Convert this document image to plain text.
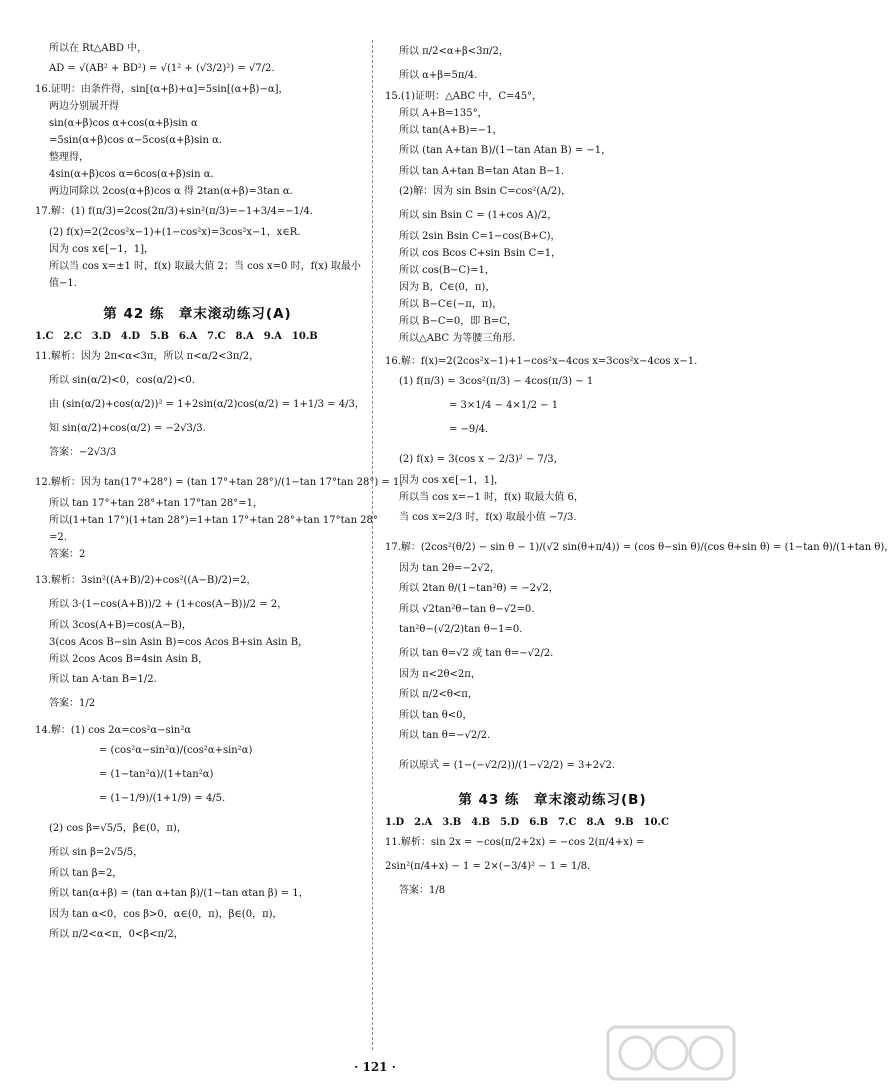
所以在 Rt△ABD 中，
AD = √(AB² + BD²) = √(1² + (√3/2)²) = √7/2.
16.证明：由条件得，sin[(α+β)+α]=5sin[(α+β)−α]，
两边分别展开得
sin(α+β)cos α+cos(α+β)sin α
=5sin(α+β)cos α−5cos(α+β)sin α.
整理得，
4sin(α+β)cos α=6cos(α+β)sin α.
两边同除以 2cos(α+β)cos α 得 2tan(α+β)=3tan α.
17.解：(1) f(π/3)=2cos(2π/3)+sin²(π/3)=−1+3/4=−1/4.
(2) f(x)=2(2cos²x−1)+(1−cos²x)=3cos²x−1，x∈R.
因为 cos x∈[−1，1]，
所以当 cos x=±1 时，f(x) 取最大值 2；当 cos x=0 时，f(x) 取最小
值−1.
第 42 练　章末滚动练习(A)
1.C　2.C　3.D　4.D　5.B　6.A　7.C　8.A　9.A　10.B
11.解析：因为 2π<α<3π，所以 π<α/2<3π/2，
所以 sin(α/2)<0，cos(α/2)<0.
由 (sin(α/2)+cos(α/2))² = 1+2sin(α/2)cos(α/2) = 1+1/3 = 4/3，
知 sin(α/2)+cos(α/2) = −2√3/3.
答案：−2√3/3
12.解析：因为 tan(17°+28°) = (tan 17°+tan 28°)/(1−tan 17°tan 28°) = 1，
所以 tan 17°+tan 28°+tan 17°tan 28°=1，
所以(1+tan 17°)(1+tan 28°)=1+tan 17°+tan 28°+tan 17°tan 28°
=2.
答案：2
13.解析：3sin²((A+B)/2)+cos²((A−B)/2)=2，
所以 3·(1−cos(A+B))/2 + (1+cos(A−B))/2 = 2，
所以 3cos(A+B)=cos(A−B)，
3(cos Acos B−sin Asin B)=cos Acos B+sin Asin B，
所以 2cos Acos B=4sin Asin B，
所以 tan A·tan B=1/2.
答案：1/2
14.解：(1) cos 2α=cos²α−sin²α
= (cos²α−sin²α)/(cos²α+sin²α)
= (1−tan²α)/(1+tan²α)
= (1−1/9)/(1+1/9) = 4/5.
(2) cos β=√5/5，β∈(0，π)，
所以 sin β=2√5/5，
所以 tan β=2，
所以 tan(α+β) = (tan α+tan β)/(1−tan αtan β) = 1，
因为 tan α<0，cos β>0，α∈(0，π)，β∈(0，π)，
所以 π/2<α<π，0<β<π/2，
所以 π/2<α+β<3π/2，
所以 α+β=5π/4.
15.(1)证明：△ABC 中，C=45°，
所以 A+B=135°，
所以 tan(A+B)=−1，
所以 (tan A+tan B)/(1−tan Atan B) = −1，
所以 tan A+tan B=tan Atan B−1.
(2)解：因为 sin Bsin C=cos²(A/2)，
所以 sin Bsin C = (1+cos A)/2，
所以 2sin Bsin C=1−cos(B+C)，
所以 cos Bcos C+sin Bsin C=1，
所以 cos(B−C)=1，
因为 B，C∈(0，π)，
所以 B−C∈(−π，π)，
所以 B−C=0，即 B=C，
所以△ABC 为等腰三角形.
16.解：f(x)=2(2cos²x−1)+1−cos²x−4cos x=3cos²x−4cos x−1.
(1) f(π/3) = 3cos²(π/3) − 4cos(π/3) − 1
= 3×1/4 − 4×1/2 − 1
= −9/4.
(2) f(x) = 3(cos x − 2/3)² − 7/3，
因为 cos x∈[−1，1]，
所以当 cos x=−1 时，f(x) 取最大值 6，
当 cos x=2/3 时，f(x) 取最小值 −7/3.
17.解：(2cos²(θ/2) − sin θ − 1)/(√2 sin(θ+π/4)) = (cos θ−sin θ)/(cos θ+sin θ) = (1−tan θ)/(1+tan θ)，
因为 tan 2θ=−2√2，
所以 2tan θ/(1−tan²θ) = −2√2，
所以 √2tan²θ−tan θ−√2=0.
tan²θ−(√2/2)tan θ−1=0.
所以 tan θ=√2 或 tan θ=−√2/2.
因为 π<2θ<2π，
所以 π/2<θ<π，
所以 tan θ<0，
所以 tan θ=−√2/2.
所以原式 = (1−(−√2/2))/(1−√2/2) = 3+2√2.
第 43 练　章末滚动练习(B)
1.D　2.A　3.B　4.B　5.D　6.B　7.C　8.A　9.B　10.C
11.解析：sin 2x = −cos(π/2+2x) = −cos 2(π/4+x) =
2sin²(π/4+x) − 1 = 2×(−3/4)² − 1 = 1/8.
答案：1/8
· 121 ·
